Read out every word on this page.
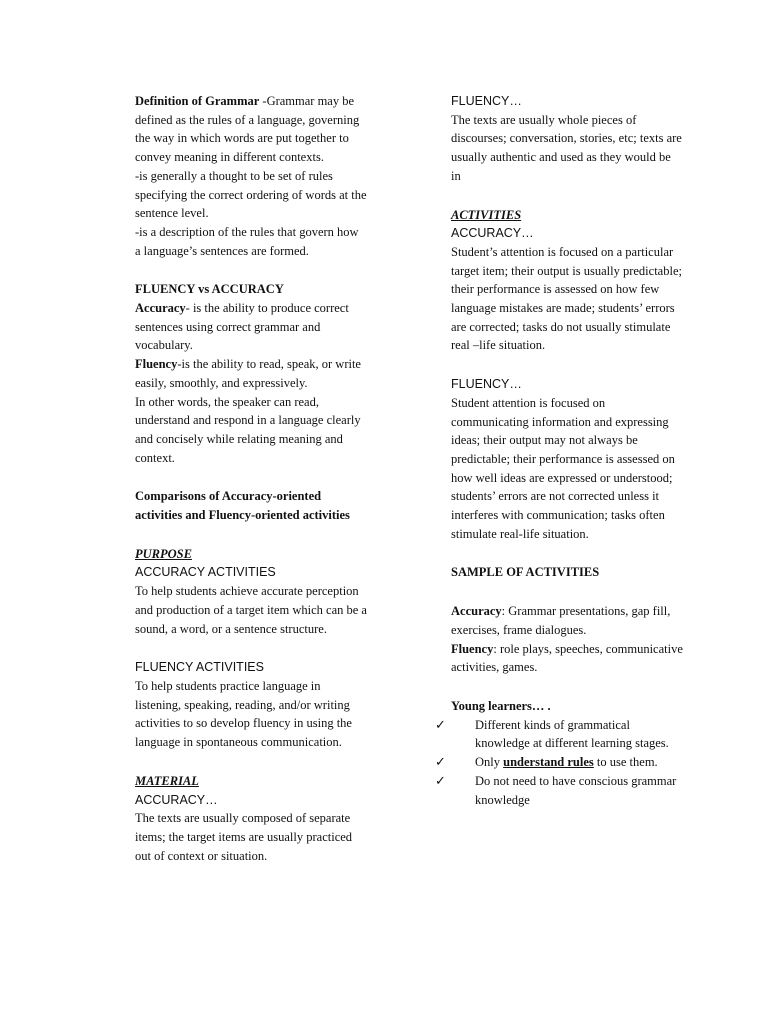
Definition of Grammar -Grammar may be defined as the rules of a language, governing the way in which words are put together to convey meaning in different contexts.

-is generally a thought to be set of rules specifying the correct ordering of words at the sentence level.

-is a description of the rules that govern how a language’s sentences are formed.

FLUENCY vs ACCURACY

Accuracy- is the ability to produce correct sentences using correct grammar and vocabulary.

Fluency-is the ability to read, speak, or write easily, smoothly, and expressively.

In other words, the speaker can read, understand and respond in a language clearly and concisely while relating meaning and context.

Comparisons of Accuracy-oriented activities and Fluency-oriented activities

PURPOSE

ACCURACY ACTIVITIES

To help students achieve accurate perception and production of a target item which can be a sound, a word, or a sentence structure.

FLUENCY ACTIVITIES

To help students practice language in listening, speaking, reading, and/or writing activities to so develop fluency in using the language in spontaneous communication.

MATERIAL

ACCURACY…

The texts are usually composed of separate items; the target items are usually practiced out of context or situation.

FLUENCY…

The texts are usually whole pieces of discourses; conversation, stories, etc; texts are usually authentic and used as they would be in

ACTIVITIES

ACCURACY…

Student’s attention is focused on a particular target item; their output is usually predictable; their performance is assessed on how few language mistakes are made; students’ errors are corrected; tasks do not usually stimulate real –life situation.

FLUENCY…

Student attention is focused on communicating information and expressing ideas; their output may not always be predictable; their performance is assessed on how well ideas are expressed or understood; students’ errors are not corrected unless it interferes with communication; tasks often stimulate real-life situation.

SAMPLE OF ACTIVITIES

Accuracy: Grammar presentations, gap fill, exercises, frame dialogues.

Fluency: role plays, speeches, communicative activities, games.

Young learners… .

✓ Different kinds of grammatical knowledge at different learning stages.
✓ Only understand rules to use them.
✓ Do not need to have conscious grammar knowledge
